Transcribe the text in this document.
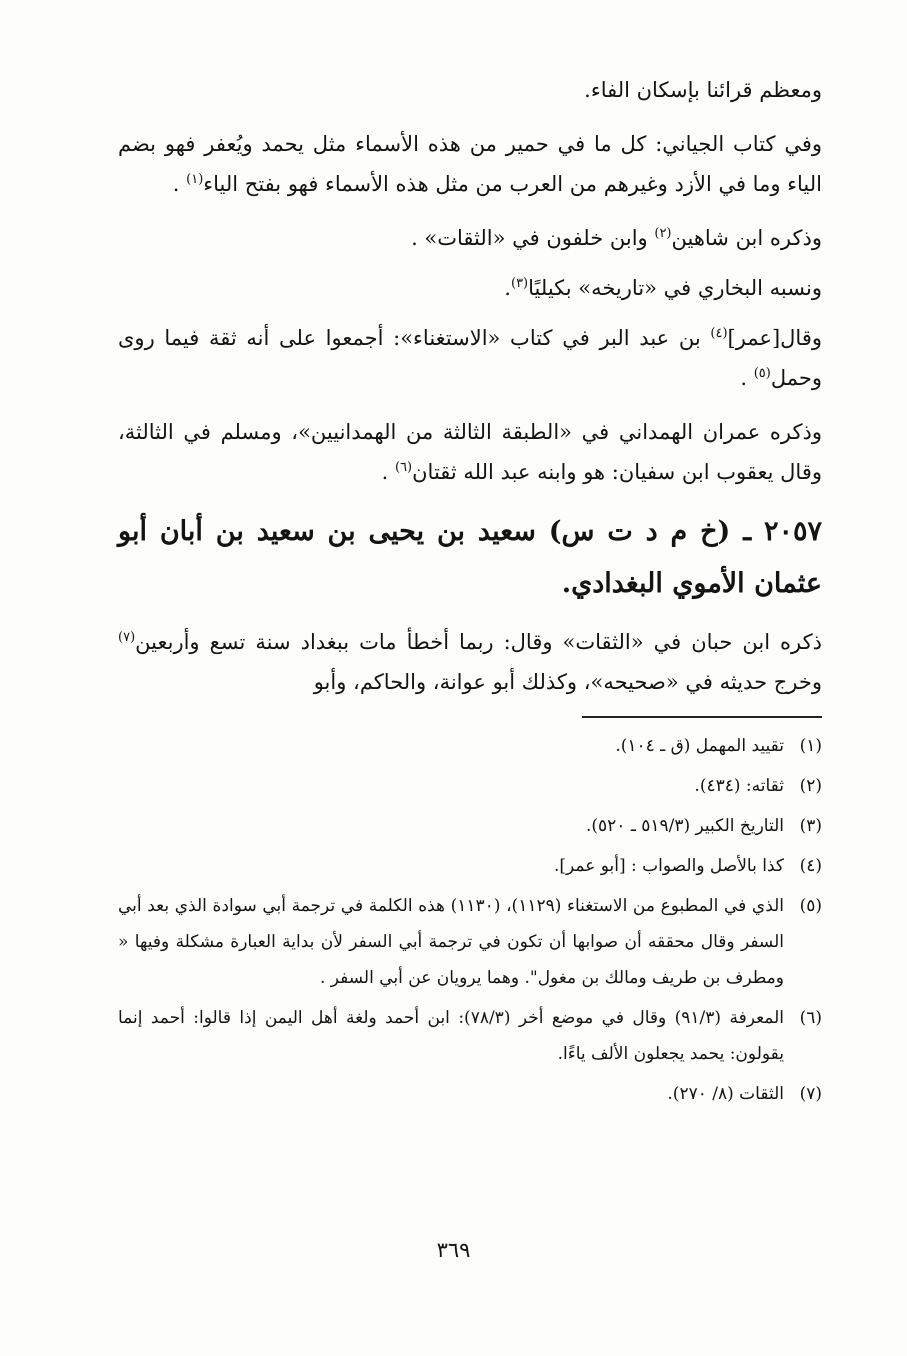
ومعظم قرائنا بإسكان الفاء.

وفي كتاب الجياني: كل ما في حمير من هذه الأسماء مثل يحمد ويُعفر فهو بضم الياء وما في الأزد وغيرهم من العرب من مثل هذه الأسماء فهو بفتح الياء$^{(١)}$ .

وذكره ابن شاهين$^{(٢)}$ وابن خلفون في «الثقات» .

ونسبه البخاري في «تاريخه» بكيليًا$^{(٣)}$.

وقال[عمر]$^{(٤)}$ بن عبد البر في كتاب «الاستغناء»: أجمعوا على أنه ثقة فيما روى وحمل$^{(٥)}$ .

وذكره عمران الهمداني في «الطبقة الثالثة من الهمدانيين»، ومسلم في الثالثة، وقال يعقوب ابن سفيان: هو وابنه عبد الله ثقتان$^{(٦)}$ .

٢٠٥٧ ـ (خ م د ت س) سعيد بن يحيى بن سعيد بن أبان أبو عثمان الأموي البغدادي.

ذكره ابن حبان في «الثقات» وقال: ربما أخطأ مات ببغداد سنة تسع وأربعين$^{(٧)}$ وخرج حديثه في «صحيحه»، وكذلك أبو عوانة، والحاكم، وأبو

(١)
تقييد المهمل (ق ـ ١٠٤).
(٢)
ثقاته: (٤٣٤).
(٣)
التاريخ الكبير (٥١٩/٣ ـ ٥٢٠).
(٤)
كذا بالأصل والصواب : [أبو عمر].
(٥)
الذي في المطبوع من الاستغناء (١١٢٩)، (١١٣٠) هذه الكلمة في ترجمة أبي سوادة الذي بعد أبي السفر وقال محققه أن صوابها أن تكون في ترجمة أبي السفر لأن بداية العبارة مشكلة وفيها « ومطرف بن طريف ومالك بن مغول". وهما يرويان عن أبي السفر .
(٦)
المعرفة (٩١/٣) وقال في موضع أخر (٧٨/٣): ابن أحمد ولغة أهل اليمن إذا قالوا: أحمد إنما يقولون: يحمد يجعلون الألف ياءًا.
(٧)
الثقات (٨/ ٢٧٠).
٣٦٩
